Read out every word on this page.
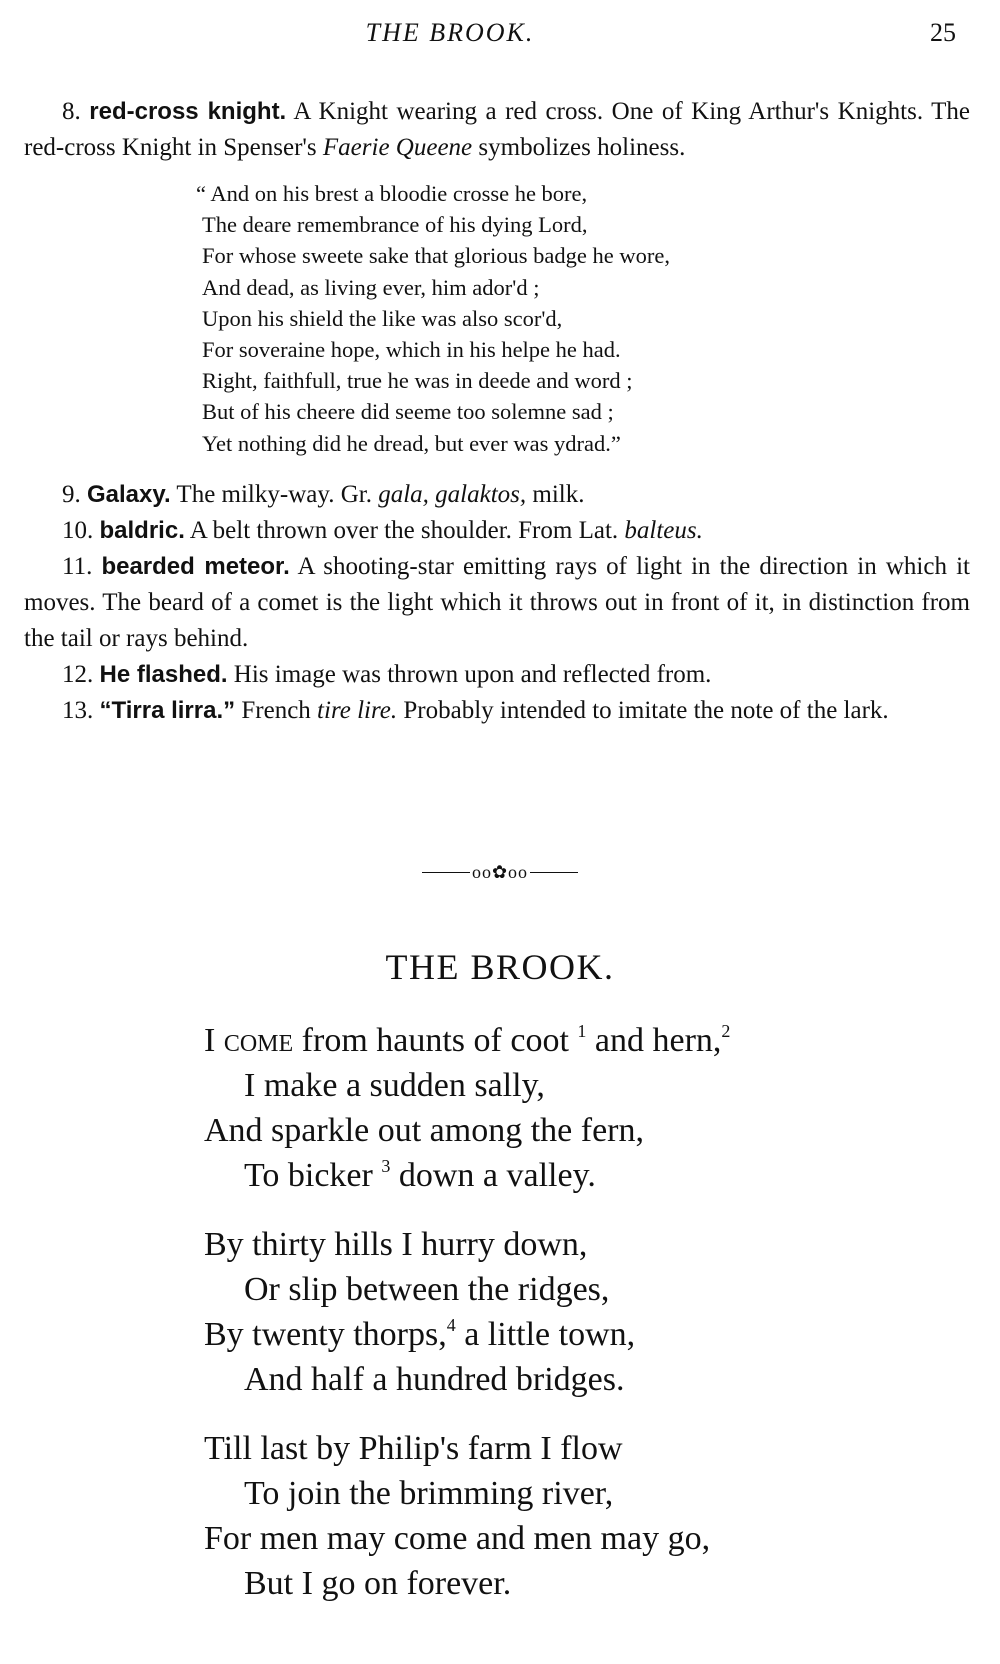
THE BROOK.	25

8. red-cross knight. A Knight wearing a red cross. One of King Arthur's Knights. The red-cross Knight in Spenser's Faerie Queene symbolizes holiness.

“ And on his brest a bloodie crosse he bore,
The deare remembrance of his dying Lord,
For whose sweete sake that glorious badge he wore,
And dead, as living ever, him ador'd ;
Upon his shield the like was also scor'd,
For soveraine hope, which in his helpe he had.
Right, faithfull, true he was in deede and word ;
But of his cheere did seeme too solemne sad ;
Yet nothing did he dread, but ever was ydrad.”

9. Galaxy. The milky-way. Gr. gala, galaktos, milk.

10. baldric. A belt thrown over the shoulder. From Lat. balteus.

11. bearded meteor. A shooting-star emitting rays of light in the direction in which it moves. The beard of a comet is the light which it throws out in front of it, in distinction from the tail or rays behind.

12. He flashed. His image was thrown upon and reflected from.

13. “Tirra lirra.” French tire lire. Probably intended to imitate the note of the lark.

oo✿oo
THE BROOK.
I come from haunts of coot $^1$ and hern,$^2$
I make a sudden sally,
And sparkle out among the fern,
To bicker $^3$ down a valley.
By thirty hills I hurry down,
Or slip between the ridges,
By twenty thorps,$^4$ a little town,
And half a hundred bridges.
Till last by Philip's farm I flow
To join the brimming river,
For men may come and men may go,
But I go on forever.
